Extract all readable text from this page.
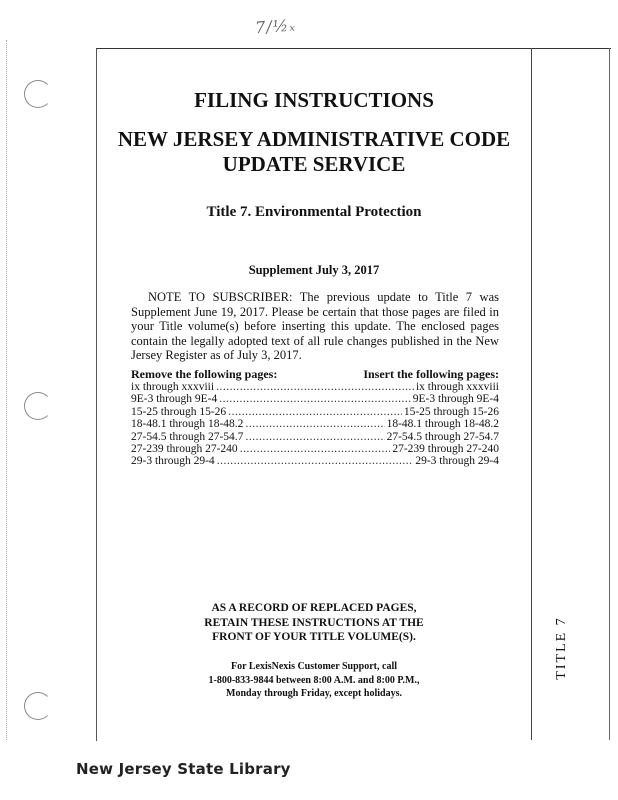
7/½ₓ     
FILING INSTRUCTIONS
NEW JERSEY ADMINISTRATIVE CODE
UPDATE SERVICE
Title 7. Environmental Protection
Supplement July 3, 2017
NOTE TO SUBSCRIBER: The previous update to Title 7 was Supplement June 19, 2017. Please be certain that those pages are filed in your Title volume(s) before inserting this update. The enclosed pages contain the legally adopted text of all rule changes published in the New Jersey Register as of July 3, 2017.
Remove the following pages:	Insert the following pages:
ix through xxxviii .....	ix through xxxviii
9E-3 through 9E-4 .....	9E-3 through 9E-4
15-25 through 15-26 .....	15-25 through 15-26
18-48.1 through 18-48.2 .....	18-48.1 through 18-48.2
27-54.5 through 27-54.7 .....	27-54.5 through 27-54.7
27-239 through 27-240 .....	27-239 through 27-240
29-3 through 29-4 .....	29-3 through 29-4
AS A RECORD OF REPLACED PAGES,
RETAIN THESE INSTRUCTIONS AT THE
FRONT OF YOUR TITLE VOLUME(S).
For LexisNexis Customer Support, call
1-800-833-9844 between 8:00 A.M. and 8:00 P.M.,
Monday through Friday, except holidays.
TITLE 7
New Jersey State Library
